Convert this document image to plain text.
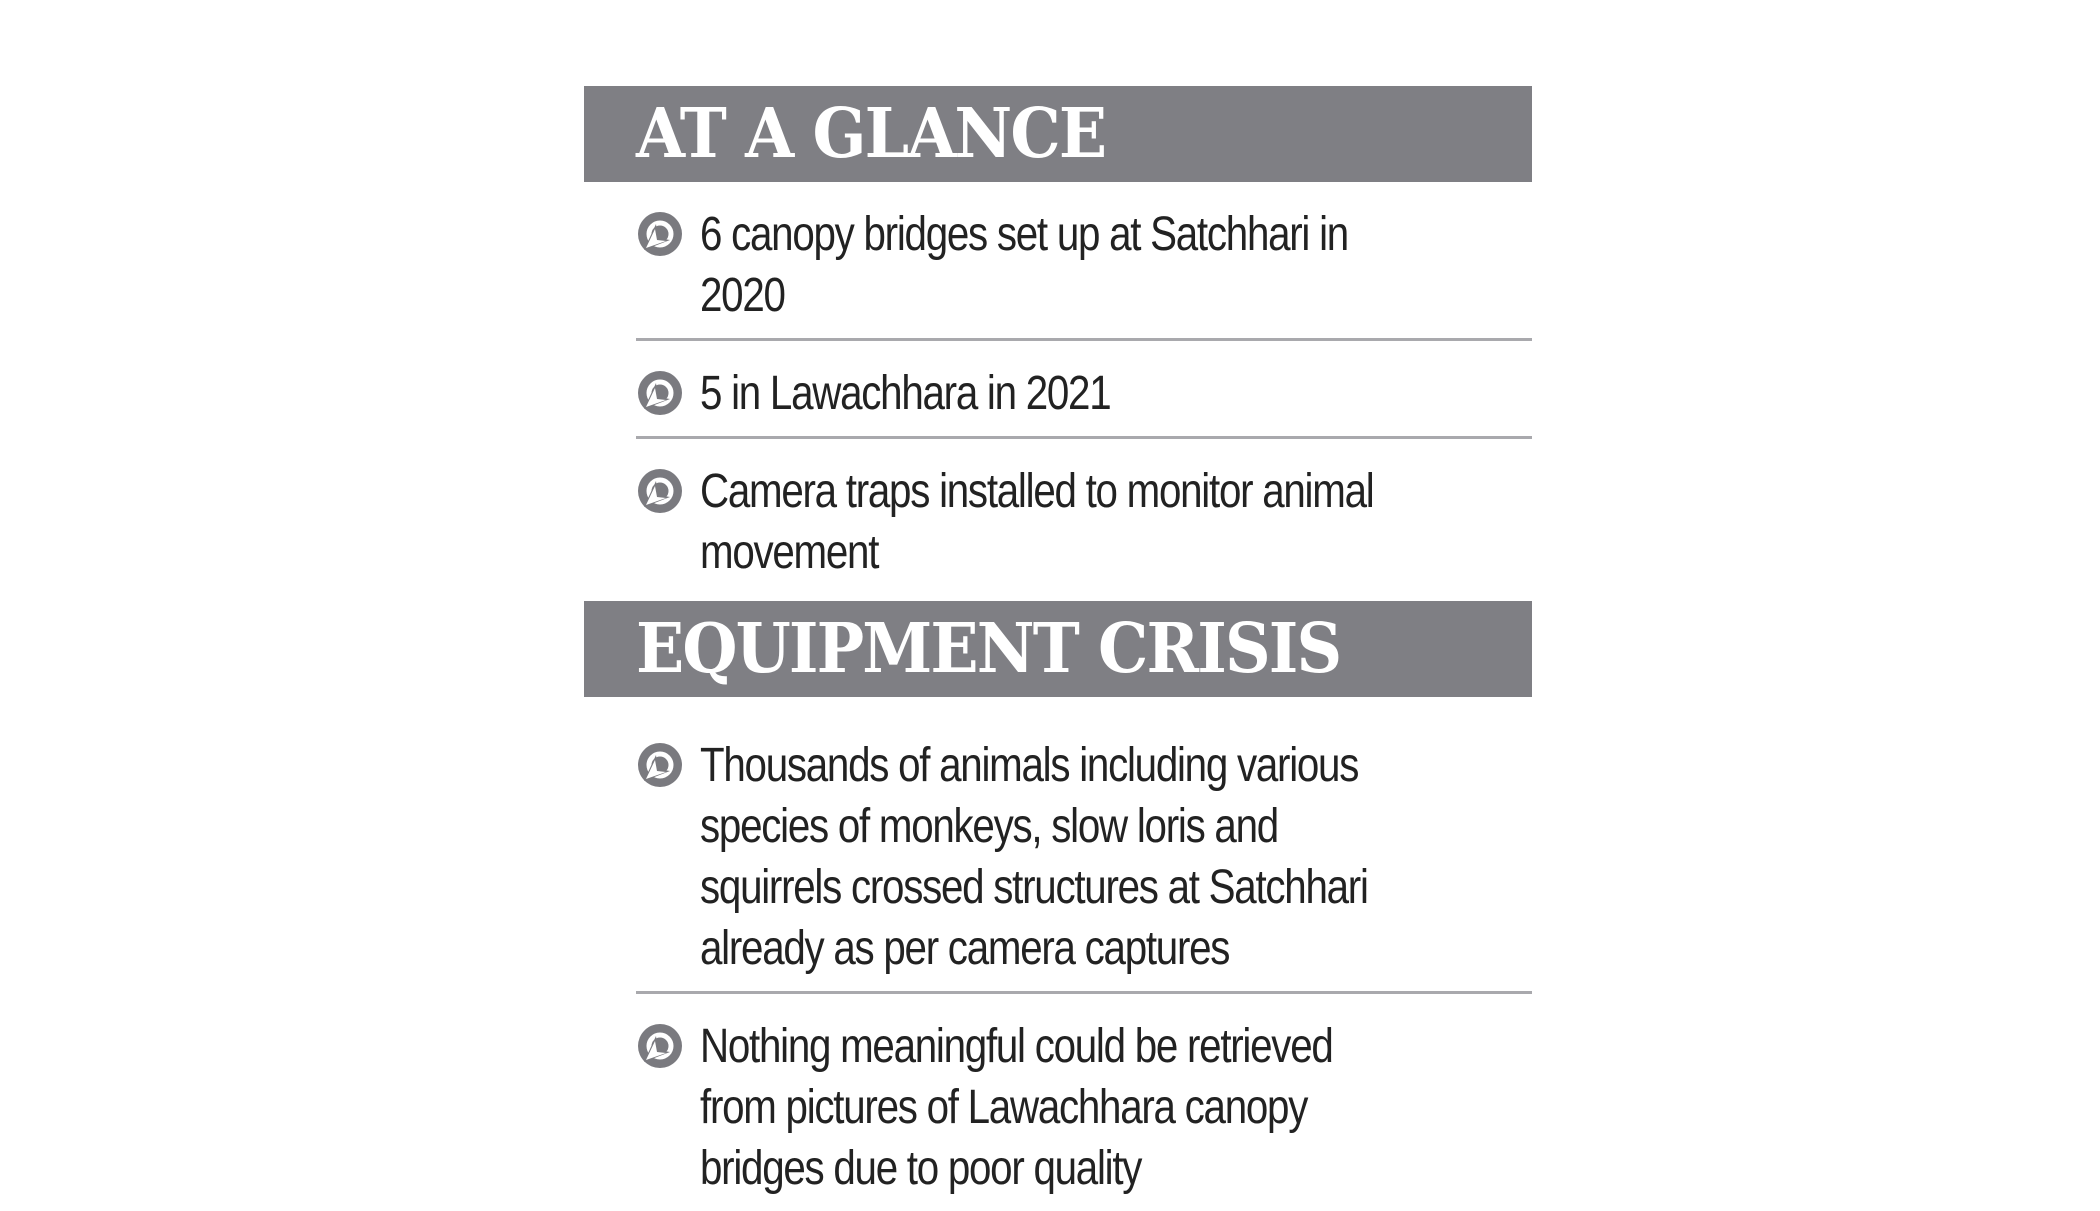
AT A GLANCE
6 canopy bridges set up at Satchhari in 2020
5 in Lawachhara in 2021
Camera traps installed to monitor animal movement
EQUIPMENT CRISIS
Thousands of animals including various species of monkeys, slow loris and squirrels crossed structures at Satchhari already as per camera captures
Nothing meaningful could be retrieved from pictures of Lawachhara canopy bridges due to poor quality
